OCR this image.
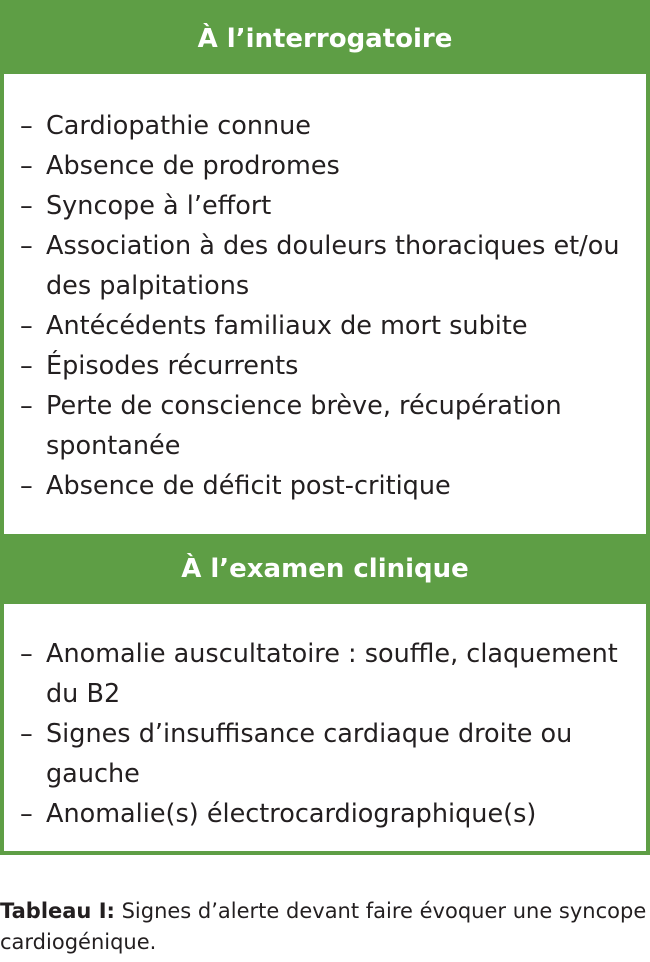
À l’interrogatoire
– Cardiopathie connue
– Absence de prodromes
– Syncope à l’effort
– Association à des douleurs thoraciques et/ou des palpitations
– Antécédents familiaux de mort subite
– Épisodes récurrents
– Perte de conscience brève, récupération spontanée
– Absence de déficit post-critique
À l’examen clinique
– Anomalie auscultatoire : souffle, claquement du B2
– Signes d’insuffisance cardiaque droite ou gauche
– Anomalie(s) électrocardiographique(s)
Tableau I: Signes d’alerte devant faire évoquer une syncope cardiogénique.
